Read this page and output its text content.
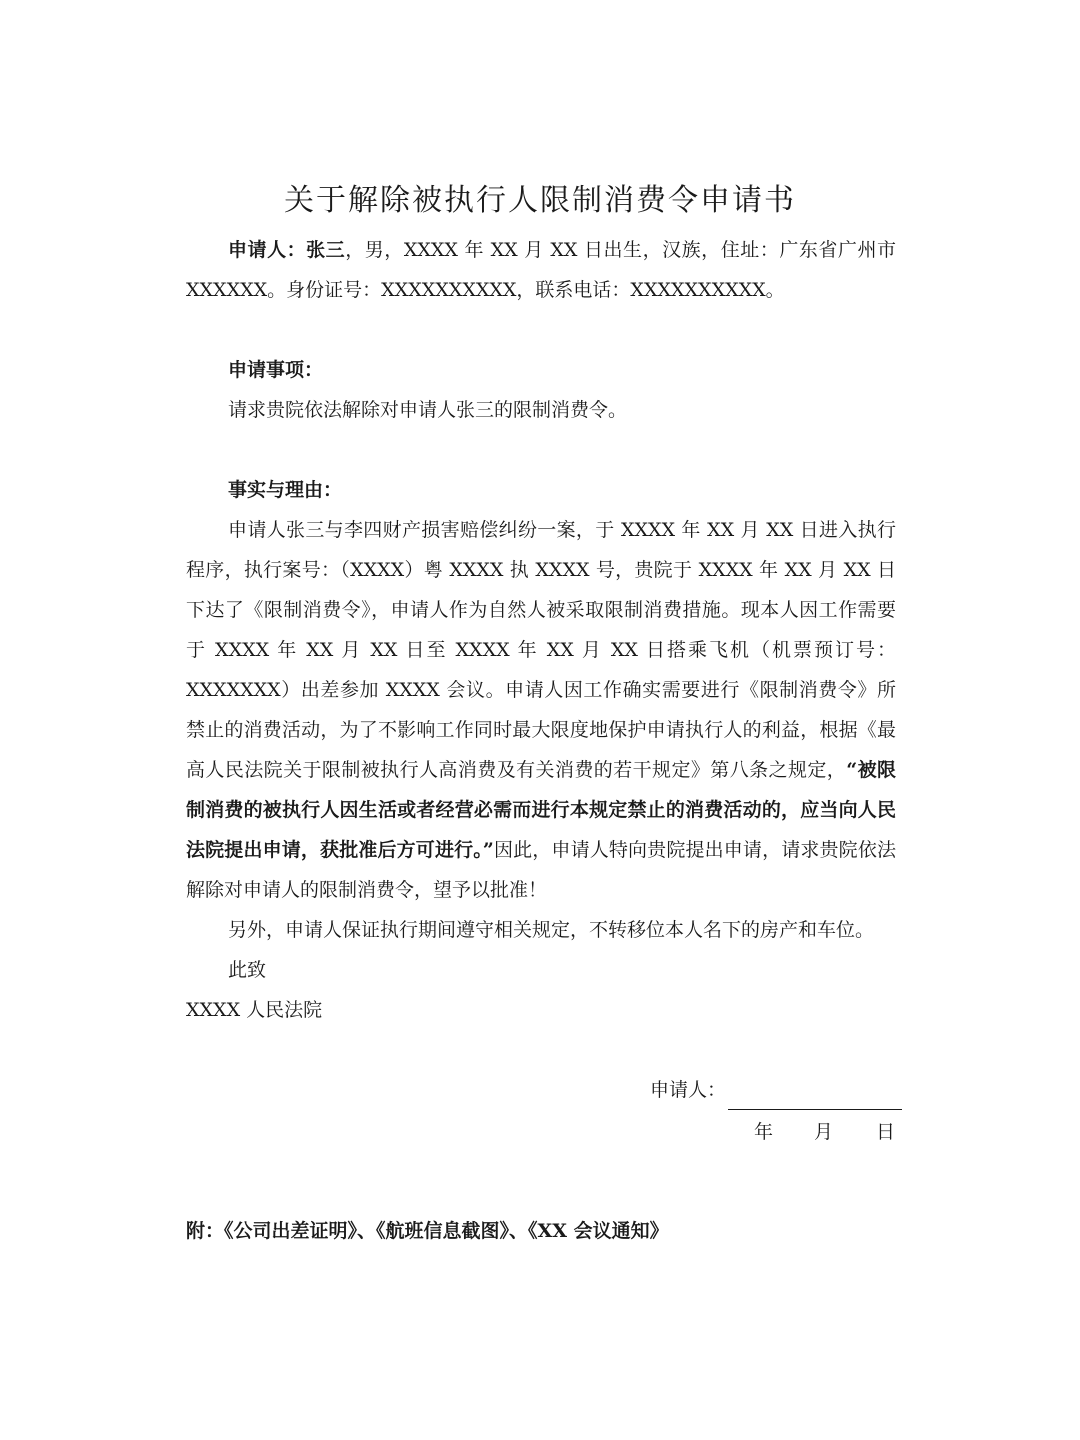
关于解除被执行人限制消费令申请书

申请人：张三，男，XXXX 年 XX 月 XX 日出生，汉族，住址：广东省广州市 XXXXXX。身份证号：XXXXXXXXXX，联系电话：XXXXXXXXXX。

申请事项：

请求贵院依法解除对申请人张三的限制消费令。

事实与理由：

申请人张三与李四财产损害赔偿纠纷一案，于 XXXX 年 XX 月 XX 日进入执行程序，执行案号：（XXXX）粤 XXXX 执 XXXX 号，贵院于 XXXX 年 XX 月 XX 日下达了《限制消费令》，申请人作为自然人被采取限制消费措施。现本人因工作需要于 XXXX 年 XX 月 XX 日至 XXXX 年 XX 月 XX 日搭乘飞机（机票预订号：XXXXXXX）出差参加 XXXX 会议。申请人因工作确实需要进行《限制消费令》所禁止的消费活动，为了不影响工作同时最大限度地保护申请执行人的利益，根据《最高人民法院关于限制被执行人高消费及有关消费的若干规定》第八条之规定，“被限制消费的被执行人因生活或者经营必需而进行本规定禁止的消费活动的，应当向人民法院提出申请，获批准后方可进行。”因此，申请人特向贵院提出申请，请求贵院依法解除对申请人的限制消费令，望予以批准！

另外，申请人保证执行期间遵守相关规定，不转移位本人名下的房产和车位。

此致

XXXX 人民法院

申请人：
年 月 日

附：《公司出差证明》、《航班信息截图》、《XX 会议通知》
